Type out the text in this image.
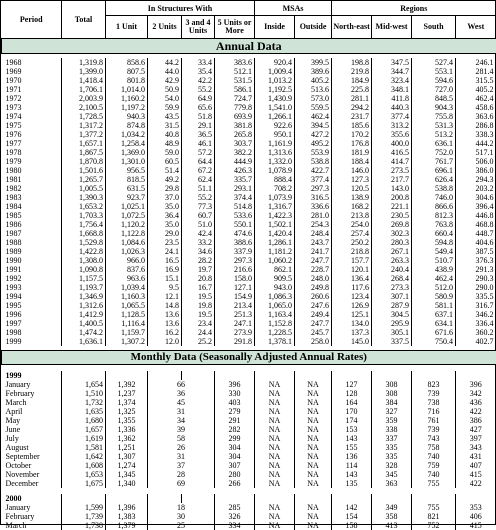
Period	Total	In Structures With				MSAs		Regions			
		1 Unit	2 Units	3 and 4 Units	5 Units or More	Inside	Outside	North-east	Mid-west	South	West
Annual Data											

1968	1,319.8	858.6	44.2	33.4	383.6	920.4	399.5	198.8	347.5	527.4	246.1
1969	1,399.0	807.5	44.0	35.4	512.1	1,009.4	389.6	219.8	344.7	553.1	281.4
1970	1,418.4	801.8	42.9	42.2	531.5	1,013.2	405.2	184.9	323.4	594.6	315.5
1971	1,706.1	1,014.0	50.9	55.2	586.1	1,192.5	513.6	225.8	348.1	727.0	405.2
1972	2,003.9	1,160.2	54.0	64.9	724.7	1,430.9	573.0	281.1	411.8	848.5	462.4
1973	2,100.5	1,197.2	59.9	65.6	779.8	1,541.0	559.5	294.2	440.3	904.3	458.6
1974	1,728.5	940.3	43.5	51.8	693.9	1,266.1	462.4	231.7	377.4	755.8	363.6
1975	1,317.2	874.8	31.5	29.1	381.8	922.6	394.5	185.6	313.2	531.3	286.8
1976	1,377.2	1,034.2	40.8	36.5	265.8	950.1	427.2	170.2	355.6	513.2	338.3
1977	1,657.1	1,258.4	48.9	46.1	303.7	1,161.9	495.2	176.8	400.0	636.1	444.2
1978	1,867.5	1,369.0	59.0	57.2	382.2	1,313.6	553.9	181.9	416.5	752.0	517.1
1979	1,870.8	1,301.0	60.5	64.4	444.9	1,332.0	538.8	188.4	414.7	761.7	506.0
1980	1,501.6	956.5	51.4	67.2	426.3	1,078.9	422.7	146.0	273.5	696.1	386.0
1981	1,265.7	818.5	49.2	62.4	335.7	888.4	377.4	127.3	217.7	626.4	294.3
1982	1,005.5	631.5	29.8	51.1	293.1	708.2	297.3	120.5	143.0	538.8	203.2
1983	1,390.3	923.7	37.0	55.2	374.4	1,073.9	316.5	138.9	200.8	746.0	304.6
1984	1,653.2	1,025.1	35.0	77.3	514.8	1,316.7	336.6	168.2	221.1	866.6	396.4
1985	1,703.3	1,072.5	36.4	60.7	533.6	1,422.3	281.0	213.8	230.5	812.3	446.8
1986	1,756.4	1,120.2	35.0	51.0	550.1	1,502.1	254.3	254.0	269.8	763.8	468.8
1987	1,668.8	1,122.8	29.0	42.4	474.6	1,420.4	248.4	257.4	302.3	660.4	448.7
1988	1,529.8	1,084.6	23.5	33.2	388.6	1,286.1	243.7	250.2	280.3	594.8	404.6
1989	1,422.8	1,026.3	24.1	34.6	337.9	1,181.2	241.7	218.8	267.1	549.4	387.5
1990	1,308.0	966.0	16.5	28.2	297.3	1,060.2	247.7	157.7	263.3	510.7	376.3
1991	1,090.8	837.6	16.9	19.7	216.6	862.1	228.7	120.1	240.4	438.9	291.3
1992	1,157.5	963.6	15.1	20.8	158.0	909.5	248.0	136.4	268.4	462.4	290.3
1993	1,193.7	1,039.4	9.5	16.7	127.1	943.0	249.8	117.6	273.3	512.0	290.0
1994	1,346.9	1,160.3	12.1	19.5	154.9	1,086.3	260.6	123.4	307.1	580.9	335.5
1995	1,312.6	1,065.5	14.8	19.8	213.4	1,065.0	247.6	126.9	287.9	581.1	316.7
1996	1,412.9	1,128.5	13.6	19.5	251.3	1,163.4	249.4	125.1	304.5	637.1	346.2
1997	1,400.5	1,116.4	13.6	23.4	247.1	1,152.8	247.7	134.0	295.9	634.1	336.4
1998	1,474.2	1,159.7	16.2	24.4	273.9	1,228.5	245.7	137.3	305.1	671.6	360.2
1999	1,636.1	1,307.2	12.0	25.2	291.8	1,378.1	258.0	145.0	337.5	750.4	402.7

Monthly Data (Seasonally Adjusted Annual Rates)											

1999											
January	1,654	1,392	66		396	NA	NA	127	308	823	396
February	1,510	1,237	36		330	NA	NA	128	308	739	342
March	1,732	1,374	45		403	NA	NA	164	384	738	436
April	1,635	1,325	31		279	NA	NA	170	327	716	422
May	1,680	1,355	34		291	NA	NA	174	359	761	386
June	1,657	1,336	39		282	NA	NA	153	338	739	427
July	1,619	1,362	58		299	NA	NA	143	337	743	397
August	1,581	1,251	26		304	NA	NA	155	335	758	343
September	1,642	1,307	31		304	NA	NA	136	335	740	431
October	1,608	1,274	37		307	NA	NA	114	328	759	407
November	1,653	1,345	28		280	NA	NA	143	345	740	415
December	1,675	1,340	69		266	NA	NA	135	363	755	422

2000											
January	1,599	1,396	18		285	NA	NA	142	349	755	353
February	1,739	1,383	30		326	NA	NA	154	358	821	406
March	1,738	1,379	25		334	NA	NA	158	413	752	415
